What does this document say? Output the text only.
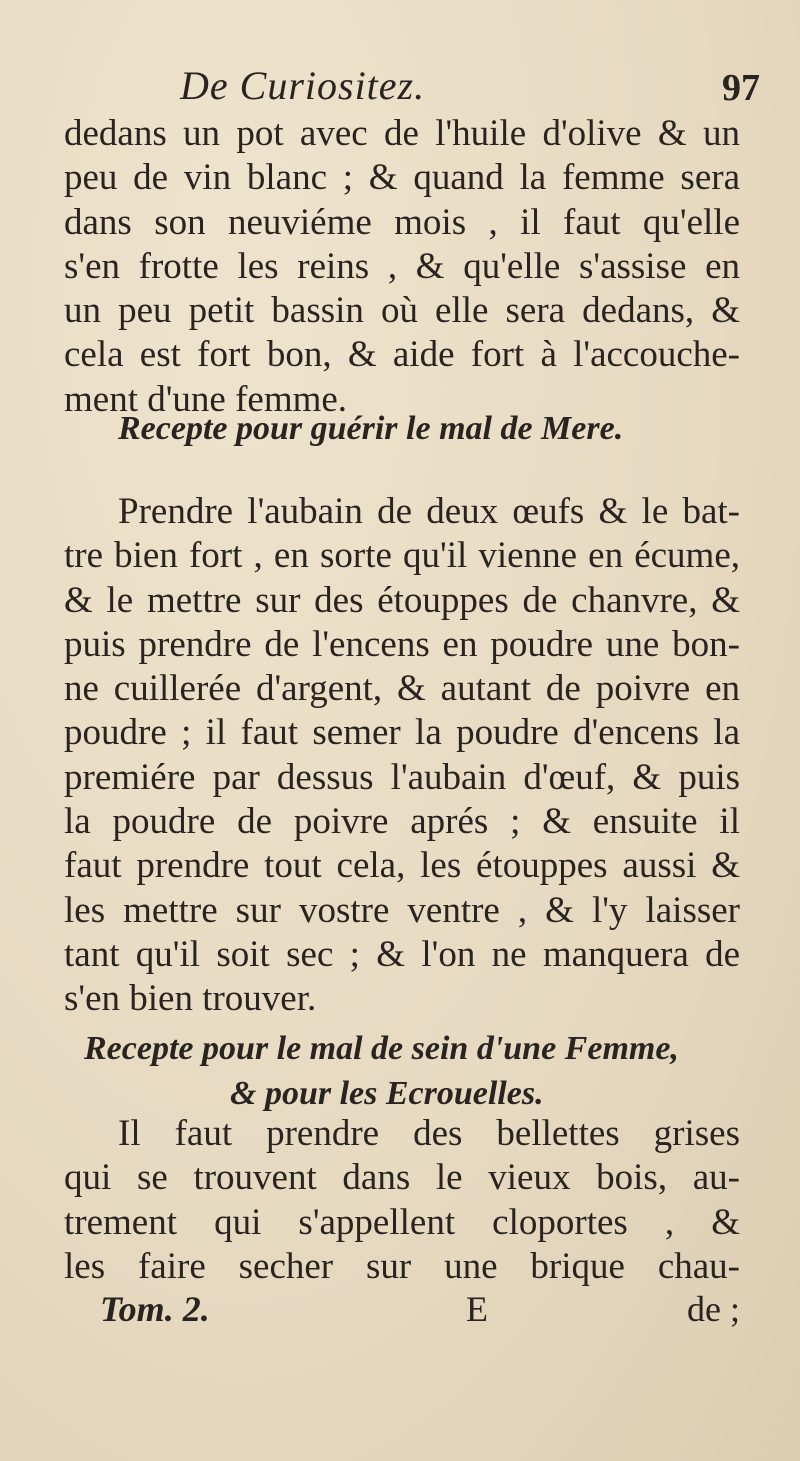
De Curiositez.	97
dedans un pot avec de l'huile d'olive & un
peu de vin blanc ; & quand la femme sera
dans son neuviéme mois , il faut qu'elle
s'en frotte les reins , & qu'elle s'assise en
un peu petit bassin où elle sera dedans, &
cela est fort bon, & aide fort à l'accouche-
ment d'une femme.
Recepte pour guérir le mal de Mere.
Prendre l'aubain de deux œufs & le bat-
tre bien fort , en sorte qu'il vienne en écume,
& le mettre sur des étouppes de chanvre, &
puis prendre de l'encens en poudre une bon-
ne cuillerée d'argent, & autant de poivre en
poudre ; il faut semer la poudre d'encens la
premiére par dessus l'aubain d'œuf, & puis
la poudre de poivre aprés ; & ensuite il
faut prendre tout cela, les étouppes aussi &
les mettre sur vostre ventre , & l'y laisser
tant qu'il soit sec ; & l'on ne manquera de
s'en bien trouver.
Recepte pour le mal de sein d'une Femme,
& pour les Ecrouelles.
Il faut prendre des bellettes grises
qui se trouvent dans le vieux bois, au-
trement qui s'appellent cloportes , &
les faire secher sur une brique chau-
Tom. 2.	E	de ;
